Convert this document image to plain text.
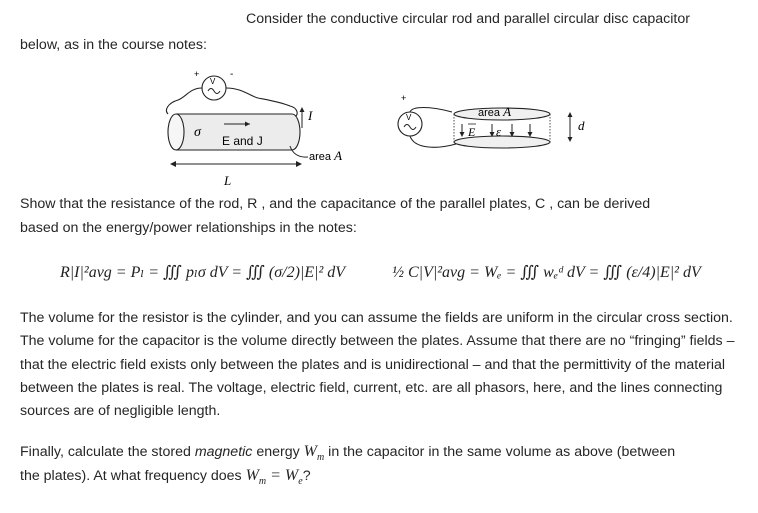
Consider the conductive circular rod and parallel circular disc capacitor
below, as in the course notes:
+
V
-
σ
E and J
I
area A
L
+
V	area A
E ε	d
Show that the resistance of the rod, R , and the capacitance of the parallel plates, C , can be derived
based on the energy/power relationships in the notes:
R|I|²avg = Pₗ = ∭ pₗσ dV = ∭ (σ/2)|E|² dV	½ C|V|²avg = Wₑ = ∭ wₑᵈ dV = ∭ (ε/4)|E|² dV
The volume for the resistor is the cylinder, and you can assume the fields are uniform in the circular cross section. The volume for the capacitor is the volume directly between the plates. Assume that there are no “fringing” fields – that the electric field exists only between the plates and is unidirectional – and that the permittivity of the material between the plates is real. The voltage, electric field, current, etc. are all phasors, here, and the lines connecting sources are of negligible length.
Finally, calculate the stored magnetic energy $W_m$ in the capacitor in the same volume as above (between
the plates). At what frequency does $W_m = W_e$?
